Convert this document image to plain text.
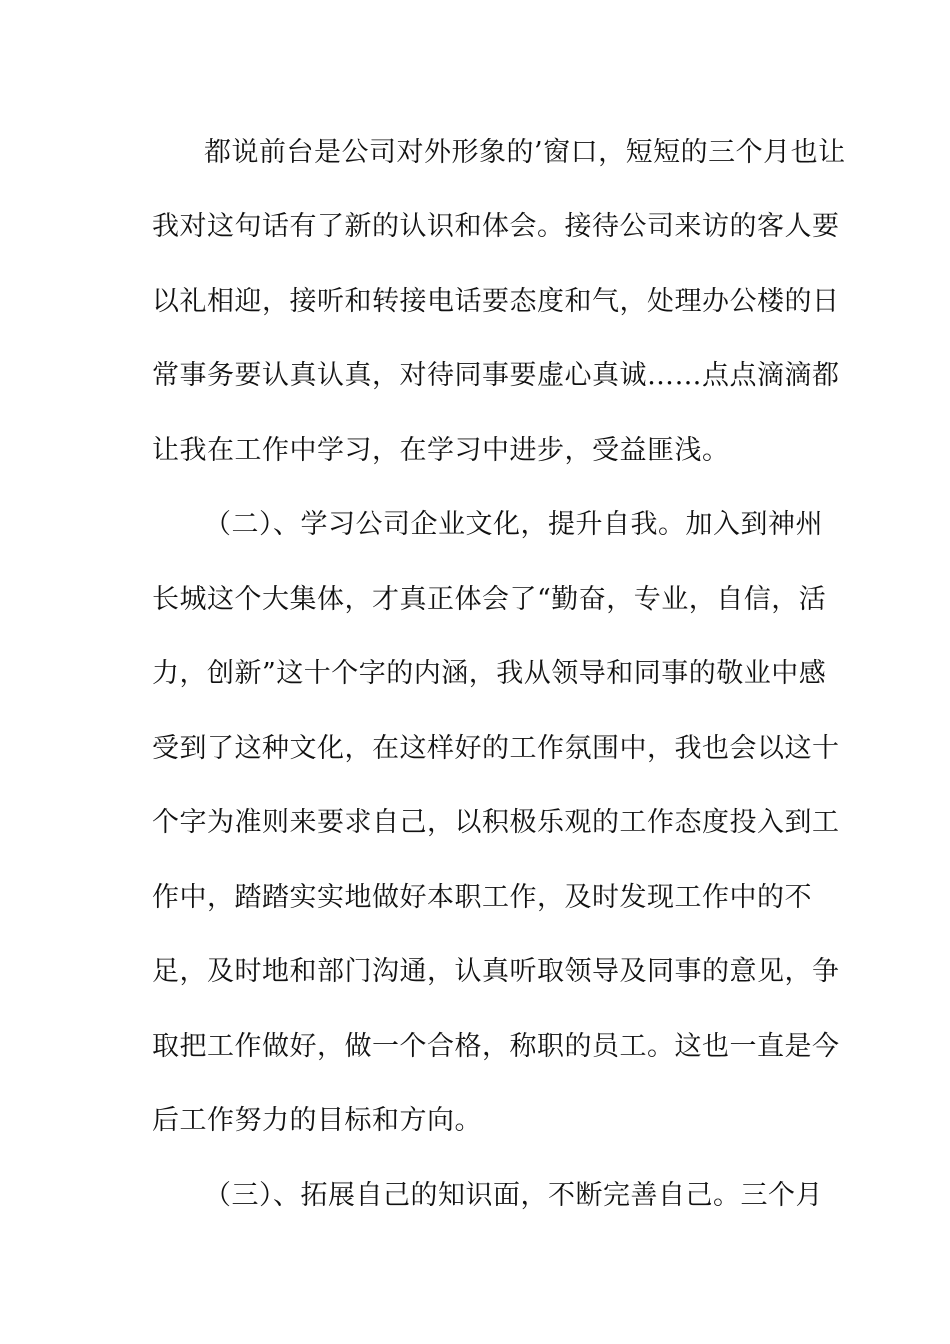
都说前台是公司对外形象的’窗口，短短的三个月也让

我对这句话有了新的认识和体会。接待公司来访的客人要

以礼相迎，接听和转接电话要态度和气，处理办公楼的日

常事务要认真认真，对待同事要虚心真诚……点点滴滴都

让我在工作中学习，在学习中进步，受益匪浅。

（二）、学习公司企业文化，提升自我。加入到神州

长城这个大集体，才真正体会了“勤奋，专业，自信，活

力，创新”这十个字的内涵，我从领导和同事的敬业中感

受到了这种文化，在这样好的工作氛围中，我也会以这十

个字为准则来要求自己，以积极乐观的工作态度投入到工

作中，踏踏实实地做好本职工作，及时发现工作中的不

足，及时地和部门沟通，认真听取领导及同事的意见，争

取把工作做好，做一个合格，称职的员工。这也一直是今

后工作努力的目标和方向。

（三）、拓展自己的知识面，不断完善自己。三个月
